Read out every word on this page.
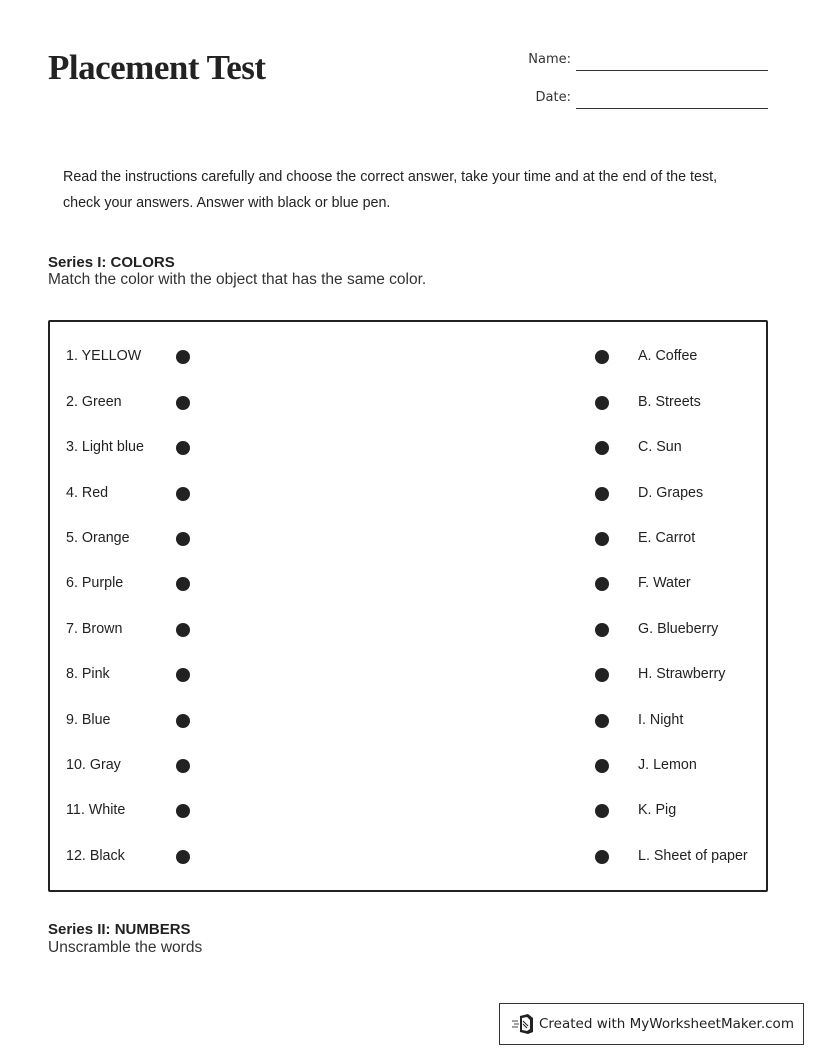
Placement Test	Name:
Date:
Read the instructions carefully and choose the correct answer, take your time and at the end of the test,
check your answers. Answer with black or blue pen.
Series I: COLORS
Match the color with the object that has the same color.
1. YELLOW	A. Coffee
2. Green	B. Streets
3. Light blue	C. Sun
4. Red	D. Grapes
5. Orange	E. Carrot
6. Purple	F. Water
7. Brown	G. Blueberry
8. Pink	H. Strawberry
9. Blue	I. Night
10. Gray	J. Lemon
11. White	K. Pig
12. Black	L. Sheet of paper
Series II: NUMBERS
Unscramble the words
Created with MyWorksheetMaker.com
